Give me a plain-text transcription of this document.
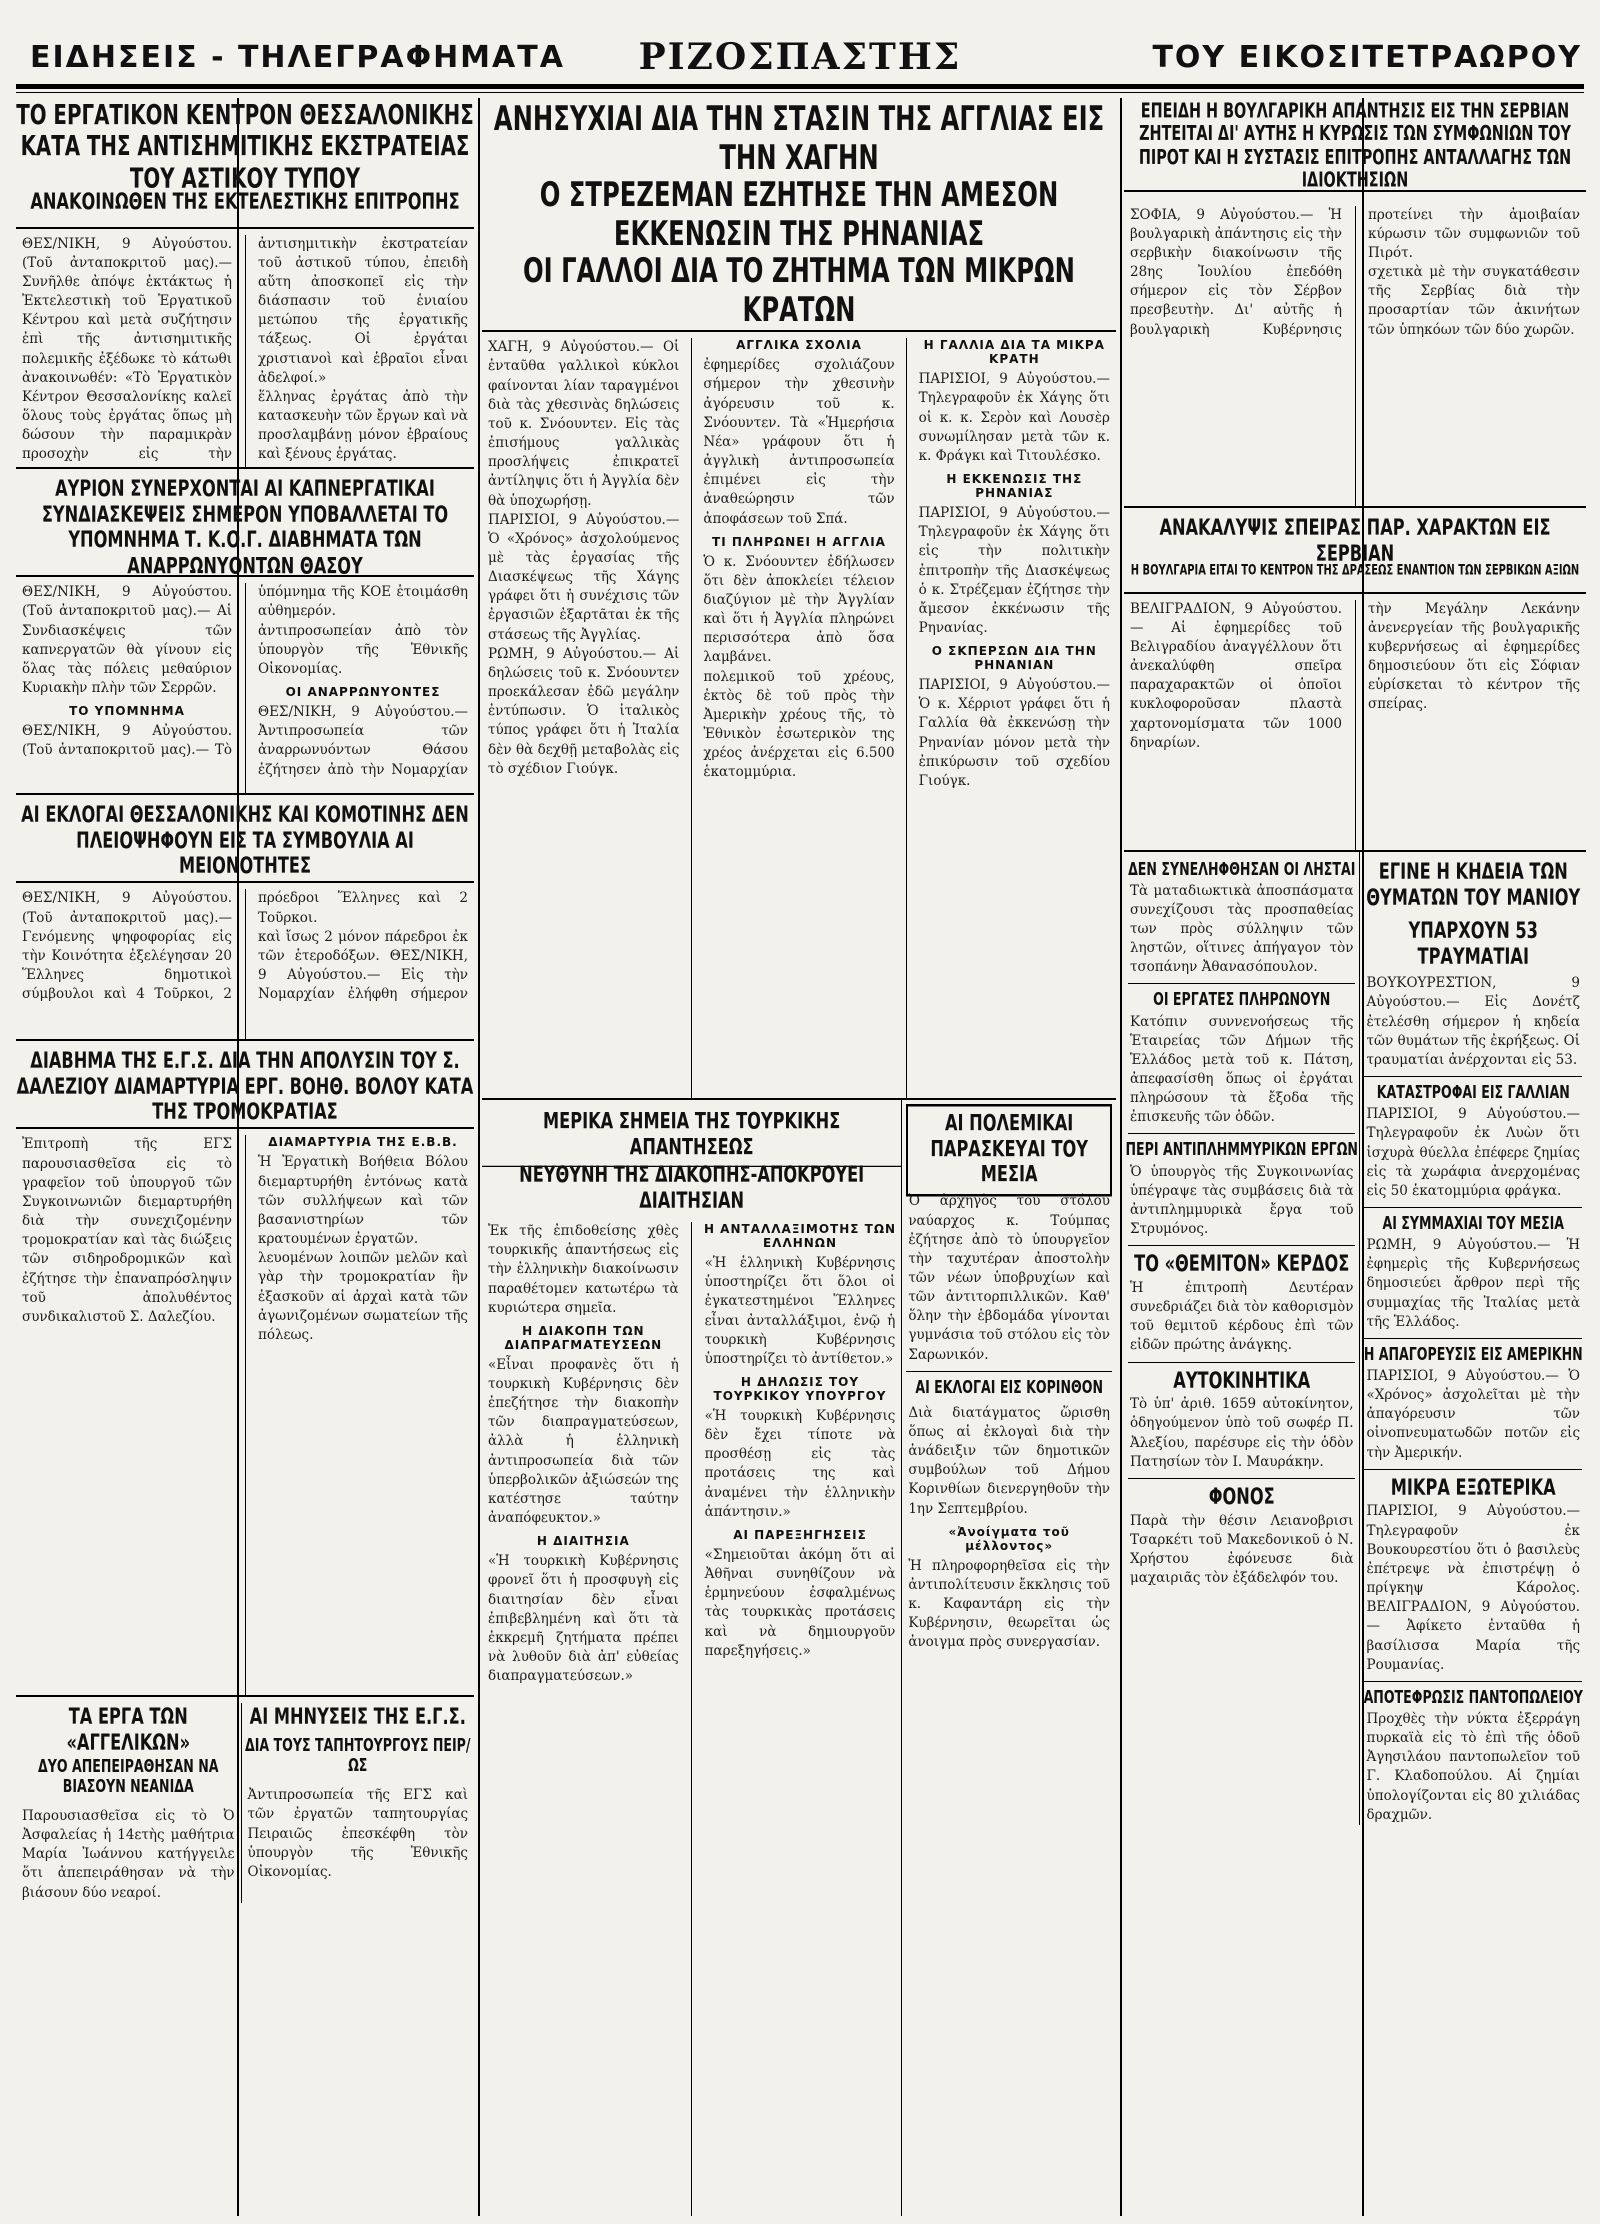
ΕΙΔΗΣΕΙΣ - ΤΗΛΕΓΡΑΦΗΜΑΤΑ	ΡΙΖΟΣΠΑΣΤΗΣ	ΤΟΥ ΕΙΚΟΣΙΤΕΤΡΑΩΡΟΥ
ΤΟ ΕΡΓΑΤΙΚΟΝ ΚΕΝΤΡΟΝ ΘΕΣΣΑΛΟΝΙΚΗΣ ΚΑΤΑ ΤΗΣ ΑΝΤΙΣΗΜΙΤΙΚΗΣ ΕΚΣΤΡΑΤΕΙΑΣ ΤΟΥ ΑΣΤΙΚΟΥ ΤΥΠΟΥ
ΑΝΑΚΟΙΝΩΘΕΝ ΤΗΣ ΕΚΤΕΛΕΣΤΙΚΗΣ ΕΠΙΤΡΟΠΗΣ

ΘΕΣ/ΝΙΚΗ, 9 Αὐγούστου. (Τοῦ ἀνταποκριτοῦ μας).— Συνῆλθε ἀπόψε ἐκτάκτως ἡ Ἐκτελεστικὴ τοῦ Ἐργατικοῦ Κέντρου καὶ μετὰ συζήτησιν ἐπὶ τῆς ἀντισημιτικῆς πολεμικῆς ἐξέδωκε τὸ κάτωθι ἀνακοινωθέν: «Τὸ Ἐργατικὸν Κέντρον Θεσσαλονίκης καλεῖ ὅλους τοὺς ἐργάτας ὅπως μὴ δώσουν τὴν παραμικρὰν προσοχὴν εἰς τὴν ἀντισημιτικὴν ἐκστρατείαν τοῦ ἀστικοῦ τύπου, ἐπειδὴ αὕτη ἀποσκοπεῖ εἰς τὴν διάσπασιν τοῦ ἑνιαίου μετώπου τῆς ἐργατικῆς τάξεως. Οἱ ἐργάται χριστιανοὶ καὶ ἑβραῖοι εἶναι ἀδελφοί.»

ἕλληνας ἐργάτας ἀπὸ τὴν κατασκευὴν τῶν ἔργων καὶ νὰ προσλαμβάνῃ μόνον ἑβραίους καὶ ξένους ἐργάτας.

ΑΥΡΙΟΝ ΣΥΝΕΡΧΟΝΤΑΙ ΑΙ ΚΑΠΝΕΡΓΑΤΙΚΑΙ ΣΥΝΔΙΑΣΚΕΨΕΙΣ ΣΗΜΕΡΟΝ ΥΠΟΒΑΛΛΕΤΑΙ ΤΟ ΥΠΟΜΝΗΜΑ Τ. Κ.Ο.Γ. ΔΙΑΒΗΜΑΤΑ ΤΩΝ ΑΝΑΡΡΩΝΥΟΝΤΩΝ ΘΑΣΟΥ

ΘΕΣ/ΝΙΚΗ, 9 Αὐγούστου. (Τοῦ ἀνταποκριτοῦ μας).— Αἱ Συνδιασκέψεις τῶν καπνεργατῶν θὰ γίνουν εἰς ὅλας τὰς πόλεις μεθαύριον Κυριακὴν πλὴν τῶν Σερρῶν.

ΤΟ ΥΠΟΜΝΗΜΑ

ΘΕΣ/ΝΙΚΗ, 9 Αὐγούστου. (Τοῦ ἀνταποκριτοῦ μας).— Τὸ ὑπόμνημα τῆς ΚΟΕ ἑτοιμάσθη αὐθημερόν.

ἀντιπροσωπείαν ἀπὸ τὸν ὑπουργὸν τῆς Ἐθνικῆς Οἰκονομίας.

ΟΙ ΑΝΑΡΡΩΝΥΟΝΤΕΣ

ΘΕΣ/ΝΙΚΗ, 9 Αὐγούστου.— Ἀντιπροσωπεία τῶν ἀναρρωνυόντων Θάσου ἐζήτησεν ἀπὸ τὴν Νομαρχίαν

ΑΙ ΕΚΛΟΓΑΙ ΘΕΣΣΑΛΟΝΙΚΗΣ ΚΑΙ ΚΟΜΟΤΙΝΗΣ ΔΕΝ ΠΛΕΙΟΨΗΦΟΥΝ ΕΙΣ ΤΑ ΣΥΜΒΟΥΛΙΑ ΑΙ ΜΕΙΟΝΟΤΗΤΕΣ

ΘΕΣ/ΝΙΚΗ, 9 Αὐγούστου. (Τοῦ ἀνταποκριτοῦ μας).— Γενόμενης ψηφοφορίας εἰς τὴν Κοινότητα ἐξελέγησαν 20 Ἕλληνες δημοτικοὶ σύμβουλοι καὶ 4 Τοῦρκοι, 2 πρόεδροι Ἕλληνες καὶ 2 Τοῦρκοι.

καὶ ἴσως 2 μόνον πάρεδροι ἐκ τῶν ἑτεροδόξων. ΘΕΣ/ΝΙΚΗ, 9 Αὐγούστου.— Εἰς τὴν Νομαρχίαν ἐλήφθη σήμερον

ΔΙΑΒΗΜΑ ΤΗΣ Ε.Γ.Σ. ΔΙΑ ΤΗΝ ΑΠΟΛΥΣΙΝ ΤΟΥ Σ. ΔΑΛΕΖΙΟΥ ΔΙΑΜΑΡΤΥΡΙΑ ΕΡΓ. ΒΟΗΘ. ΒΟΛΟΥ ΚΑΤΑ ΤΗΣ ΤΡΟΜΟΚΡΑΤΙΑΣ

Ἐπιτροπὴ τῆς ΕΓΣ παρουσιασθεῖσα εἰς τὸ γραφεῖον τοῦ ὑπουργοῦ τῶν Συγκοινωνιῶν διεμαρτυρήθη διὰ τὴν συνεχιζομένην τρομοκρατίαν καὶ τὰς διώξεις τῶν σιδηροδρομικῶν καὶ ἐζήτησε τὴν ἐπαναπρόσληψιν τοῦ ἀπολυθέντος συνδικαλιστοῦ Σ. Δαλεζίου.

ΔΙΑΜΑΡΤΥΡΙΑ ΤΗΣ Ε.Β.Β.

Ἡ Ἐργατικὴ Βοήθεια Βόλου διεμαρτυρήθη ἐντόνως κατὰ τῶν συλλήψεων καὶ τῶν βασανιστηρίων τῶν κρατουμένων ἐργατῶν.

λευομένων λοιπῶν μελῶν καὶ γὰρ τὴν τρομοκρατίαν ἣν ἐξασκοῦν αἱ ἀρχαὶ κατὰ τῶν ἀγωνιζομένων σωματείων τῆς πόλεως.

ΤΑ ΕΡΓΑ ΤΩΝ «ΑΓΓΕΛΙΚΩΝ»
ΔΥΟ ΑΠΕΠΕΙΡΑΘΗΣΑΝ ΝΑ ΒΙΑΣΟΥΝ ΝΕΑΝΙΔΑ

Παρουσιασθεῖσα εἰς τὸ Ὀ Ἀσφαλείας ἡ 14ετὴς μαθήτρια Μαρία Ἰωάννου κατήγγειλε ὅτι ἀπεπειράθησαν νὰ τὴν βιάσουν δύο νεαροί.

ΑΙ ΜΗΝΥΣΕΙΣ ΤΗΣ Ε.Γ.Σ.
ΔΙΑ ΤΟΥΣ ΤΑΠΗΤΟΥΡΓΟΥΣ ΠΕΙΡ/ΩΣ

Ἀντιπροσωπεία τῆς ΕΓΣ καὶ τῶν ἐργατῶν ταπητουργίας Πειραιῶς ἐπεσκέφθη τὸν ὑπουργὸν τῆς Ἐθνικῆς Οἰκονομίας.

ΑΝΗΣΥΧΙΑΙ ΔΙΑ ΤΗΝ ΣΤΑΣΙΝ ΤΗΣ ΑΓΓΛΙΑΣ ΕΙΣ ΤΗΝ ΧΑΓΗΝ
Ο ΣΤΡΕΖΕΜΑΝ ΕΖΗΤΗΣΕ ΤΗΝ ΑΜΕΣΟΝ ΕΚΚΕΝΩΣΙΝ ΤΗΣ ΡΗΝΑΝΙΑΣ
ΟΙ ΓΑΛΛΟΙ ΔΙΑ ΤΟ ΖΗΤΗΜΑ ΤΩΝ ΜΙΚΡΩΝ ΚΡΑΤΩΝ

ΧΑΓΗ, 9 Αὐγούστου.— Οἱ ἐνταῦθα γαλλικοὶ κύκλοι φαίνονται λίαν ταραγμένοι διὰ τὰς χθεσινὰς δηλώσεις τοῦ κ. Σνόουντεν. Εἰς τὰς ἐπισήμους γαλλικὰς προσλήψεις ἐπικρατεῖ ἀντίληψις ὅτι ἡ Ἀγγλία δὲν θὰ ὑποχωρήσῃ.

ΠΑΡΙΣΙΟΙ, 9 Αὐγούστου.— Ὁ «Χρόνος» ἀσχολούμενος μὲ τὰς ἐργασίας τῆς Διασκέψεως τῆς Χάγης γράφει ὅτι ἡ συνέχισις τῶν ἐργασιῶν ἐξαρτᾶται ἐκ τῆς στάσεως τῆς Ἀγγλίας.

ΡΩΜΗ, 9 Αὐγούστου.— Αἱ δηλώσεις τοῦ κ. Σνόουντεν προεκάλεσαν ἐδῶ μεγάλην ἐντύπωσιν. Ὁ ἰταλικὸς τύπος γράφει ὅτι ἡ Ἰταλία δὲν θὰ δεχθῇ μεταβολὰς εἰς τὸ σχέδιον Γιούγκ.

ΑΓΓΛΙΚΑ ΣΧΟΛΙΑ

ἐφημερίδες σχολιάζουν σήμερον τὴν χθεσινὴν ἀγόρευσιν τοῦ κ. Σνόουντεν. Τὰ «Ἡμερήσια Νέα» γράφουν ὅτι ἡ ἀγγλικὴ ἀντιπροσωπεία ἐπιμένει εἰς τὴν ἀναθεώρησιν τῶν ἀποφάσεων τοῦ Σπά.

ΤΙ ΠΛΗΡΩΝΕΙ Η ΑΓΓΛΙΑ

Ὁ κ. Σνόουντεν ἐδήλωσεν ὅτι δὲν ἀποκλείει τέλειον διαζύγιον μὲ τὴν Ἀγγλίαν καὶ ὅτι ἡ Ἀγγλία πληρώνει περισσότερα ἀπὸ ὅσα λαμβάνει.

πολεμικοῦ τοῦ χρέους, ἐκτὸς δὲ τοῦ πρὸς τὴν Ἀμερικὴν χρέους τῆς, τὸ Ἐθνικὸν ἐσωτερικὸν της χρέος ἀνέρχεται εἰς 6.500 ἑκατομμύρια.

Η ΓΑΛΛΙΑ ΔΙΑ ΤΑ ΜΙΚΡΑ ΚΡΑΤΗ

ΠΑΡΙΣΙΟΙ, 9 Αὐγούστου.— Τηλεγραφοῦν ἐκ Χάγης ὅτι οἱ κ. κ. Σερὸν καὶ Λουσὲρ συνωμίλησαν μετὰ τῶν κ. κ. Φράγκι καὶ Τιτουλέσκο.

Η ΕΚΚΕΝΩΣΙΣ ΤΗΣ ΡΗΝΑΝΙΑΣ

ΠΑΡΙΣΙΟΙ, 9 Αὐγούστου.— Τηλεγραφοῦν ἐκ Χάγης ὅτι εἰς τὴν πολιτικὴν ἐπιτροπὴν τῆς Διασκέψεως ὁ κ. Στρέζεμαν ἐζήτησε τὴν ἄμεσον ἐκκένωσιν τῆς Ρηνανίας.

Ο ΣΚΠΕΡΣΩΝ ΔΙΑ ΤΗΝ ΡΗΝΑΝΙΑΝ

ΠΑΡΙΣΙΟΙ, 9 Αὐγούστου.— Ὁ κ. Χέρριοτ γράφει ὅτι ἡ Γαλλία θὰ ἐκκενώσῃ τὴν Ρηνανίαν μόνον μετὰ τὴν ἐπικύρωσιν τοῦ σχεδίου Γιούγκ.

ΜΕΡΙΚΑ ΣΗΜΕΙΑ ΤΗΣ ΤΟΥΡΚΙΚΗΣ ΑΠΑΝΤΗΣΕΩΣ
ΝΕΥΘΥΝΗ ΤΗΣ ΔΙΑΚΟΠΗΣ-ΑΠΟΚΡΟΥΕΙ ΔΙΑΙΤΗΣΙΑΝ

Ἐκ τῆς ἐπιδοθείσης χθὲς τουρκικῆς ἀπαντήσεως εἰς τὴν ἑλληνικὴν διακοίνωσιν παραθέτομεν κατωτέρω τὰ κυριώτερα σημεῖα.

Η ΔΙΑΚΟΠΗ ΤΩΝ ΔΙΑΠΡΑΓΜΑΤΕΥΣΕΩΝ

«Εἶναι προφανὲς ὅτι ἡ τουρκικὴ Κυβέρνησις δὲν ἐπεζήτησε τὴν διακοπὴν τῶν διαπραγματεύσεων, ἀλλὰ ἡ ἑλληνικὴ ἀντιπροσωπεία διὰ τῶν ὑπερβολικῶν ἀξιώσεών της κατέστησε ταύτην ἀναπόφευκτον.»

Η ΔΙΑΙΤΗΣΙΑ

«Ἡ τουρκικὴ Κυβέρνησις φρονεῖ ὅτι ἡ προσφυγὴ εἰς διαιτησίαν δὲν εἶναι ἐπιβεβλημένη καὶ ὅτι τὰ ἐκκρεμῆ ζητήματα πρέπει νὰ λυθοῦν διὰ ἀπ' εὐθείας διαπραγματεύσεων.»

Η ΑΝΤΑΛΛΑΞΙΜΟΤΗΣ ΤΩΝ ΕΛΛΗΝΩΝ

«Ἡ ἑλληνικὴ Κυβέρνησις ὑποστηρίζει ὅτι ὅλοι οἱ ἐγκατεστημένοι Ἕλληνες εἶναι ἀνταλλάξιμοι, ἐνῷ ἡ τουρκικὴ Κυβέρνησις ὑποστηρίζει τὸ ἀντίθετον.»

Η ΔΗΛΩΣΙΣ ΤΟΥ ΤΟΥΡΚΙΚΟΥ ΥΠΟΥΡΓΟΥ

«Ἡ τουρκικὴ Κυβέρνησις δὲν ἔχει τίποτε νὰ προσθέσῃ εἰς τὰς προτάσεις της καὶ ἀναμένει τὴν ἑλληνικὴν ἀπάντησιν.»

ΑΙ ΠΑΡΕΞΗΓΗΣΕΙΣ

«Σημειοῦται ἀκόμη ὅτι αἱ Ἀθῆναι συνηθίζουν νὰ ἑρμηνεύουν ἐσφαλμένως τὰς τουρκικὰς προτάσεις καὶ νὰ δημιουργοῦν παρεξηγήσεις.»

ΑΙ ΠΟΛΕΜΙΚΑΙ ΠΑΡΑΣΚΕΥΑΙ ΤΟΥ ΜΕΣΙΑ

Ὁ ἀρχηγὸς τοῦ στόλου ναύαρχος κ. Τούμπας ἐζήτησε ἀπὸ τὸ ὑπουργεῖον τὴν ταχυτέραν ἀποστολὴν τῶν νέων ὑποβρυχίων καὶ τῶν ἀντιτορπιλλικῶν. Καθ' ὅλην τὴν ἑβδομάδα γίνονται γυμνάσια τοῦ στόλου εἰς τὸν Σαρωνικόν.

ΑΙ ΕΚΛΟΓΑΙ ΕΙΣ ΚΟΡΙΝΘΟΝ

Διὰ διατάγματος ὥρισθη ὅπως αἱ ἐκλογαὶ διὰ τὴν ἀνάδειξιν τῶν δημοτικῶν συμβούλων τοῦ Δήμου Κορινθίων διενεργηθοῦν τὴν 1ην Σεπτεμβρίου.

«Ἀνοίγματα τοῦ μέλλοντος»

Ἡ πληροφορηθεῖσα εἰς τὴν ἀντιπολίτευσιν ἔκκλησις τοῦ κ. Καφαντάρη εἰς τὴν Κυβέρνησιν, θεωρεῖται ὡς ἀνοιγμα πρὸς συνεργασίαν.

ΕΠΕΙΔΗ Η ΒΟΥΛΓΑΡΙΚΗ ΑΠΑΝΤΗΣΙΣ ΕΙΣ ΤΗΝ ΣΕΡΒΙΑΝ ΖΗΤΕΙΤΑΙ ΔΙ' ΑΥΤΗΣ Η ΚΥΡΩΣΙΣ ΤΩΝ ΣΥΜΦΩΝΙΩΝ ΤΟΥ ΠΙΡΟΤ ΚΑΙ Η ΣΥΣΤΑΣΙΣ ΕΠΙΤΡΟΠΗΣ ΑΝΤΑΛΛΑΓΗΣ ΤΩΝ ΙΔΙΟΚΤΗΣΙΩΝ

ΣΟΦΙΑ, 9 Αὐγούστου.— Ἡ βουλγαρικὴ ἀπάντησις εἰς τὴν σερβικὴν διακοίνωσιν τῆς 28ης Ἰουλίου ἐπεδόθη σήμερον εἰς τὸν Σέρβον πρεσβευτὴν. Δι' αὐτῆς ἡ βουλγαρικὴ Κυβέρνησις προτείνει τὴν ἀμοιβαίαν κύρωσιν τῶν συμφωνιῶν τοῦ Πιρότ.

σχετικὰ μὲ τὴν συγκατάθεσιν τῆς Σερβίας διὰ τὴν προσαρτίαν τῶν ἀκινήτων τῶν ὑπηκόων τῶν δύο χωρῶν.

ΑΝΑΚΑΛΥΨΙΣ ΣΠΕΙΡΑΣ ΠΑΡ. ΧΑΡΑΚΤΩΝ ΕΙΣ ΣΕΡΒΙΑΝ
Η ΒΟΥΛΓΑΡΙΑ ΕΙΤΑΙ ΤΟ ΚΕΝΤΡΟΝ ΤΗΣ ΔΡΑΣΕΩΣ ΕΝΑΝΤΙΟΝ ΤΩΝ ΣΕΡΒΙΚΩΝ ΑΞΙΩΝ

ΒΕΛΙΓΡΑΔΙΟΝ, 9 Αὐγούστου.— Αἱ ἐφημερίδες τοῦ Βελιγραδίου ἀναγγέλλουν ὅτι ἀνεκαλύφθη σπεῖρα παραχαρακτῶν οἱ ὁποῖοι κυκλοφοροῦσαν πλαστὰ χαρτονομίσματα τῶν 1000 δηναρίων.

τὴν Μεγάλην Λεκάνην ἀνενεργείαν τῆς βουλγαρικῆς κυβερνήσεως αἱ ἐφημερίδες δημοσιεύουν ὅτι εἰς Σόφιαν εὑρίσκεται τὸ κέντρον τῆς σπείρας.

ΔΕΝ ΣΥΝΕΛΗΦΘΗΣΑΝ ΟΙ ΛΗΣΤΑΙ

Τὰ ματαδιωκτικὰ ἀποσπάσματα συνεχίζουσι τὰς προσπαθείας των πρὸς σύλληψιν τῶν ληστῶν, οἵτινες ἀπήγαγον τὸν τσοπάνην Ἀθανασόπουλον.

ΟΙ ΕΡΓΑΤΕΣ ΠΛΗΡΩΝΟΥΝ

Κατόπιν συννενοήσεως τῆς Ἑταιρείας τῶν Δήμων τῆς Ἑλλάδος μετὰ τοῦ κ. Πάτση, ἀπεφασίσθη ὅπως οἱ ἐργάται πληρώσουν τὰ ἔξοδα τῆς ἐπισκευῆς τῶν ὁδῶν.

ΠΕΡΙ ΑΝΤΙΠΛΗΜΜΥΡΙΚΩΝ ΕΡΓΩΝ

Ὁ ὑπουργὸς τῆς Συγκοινωνίας ὑπέγραψε τὰς συμβάσεις διὰ τὰ ἀντιπλημμυρικὰ ἔργα τοῦ Στρυμόνος.

ΤΟ «ΘΕΜΙΤΟΝ» ΚΕΡΔΟΣ

Ἡ ἐπιτροπὴ Δευτέραν συνεδριάζει διὰ τὸν καθορισμὸν τοῦ θεμιτοῦ κέρδους ἐπὶ τῶν εἰδῶν πρώτης ἀνάγκης.

ΑΥΤΟΚΙΝΗΤΙΚΑ

Τὸ ὑπ' ἀριθ. 1659 αὐτοκίνητον, ὁδηγούμενον ὑπὸ τοῦ σωφέρ Π. Ἀλεξίου, παρέσυρε εἰς τὴν ὁδὸν Πατησίων τὸν Ι. Μαυράκην.

ΦΟΝΟΣ

Παρὰ τὴν θέσιν Λειανοβρισι Τσαρκέτι τοῦ Μακεδονικοῦ ὁ Ν. Χρήστου ἐφόνευσε διὰ μαχαιριᾶς τὸν ἐξάδελφόν του.

ΕΓΙΝΕ Η ΚΗΔΕΙΑ ΤΩΝ ΘΥΜΑΤΩΝ ΤΟΥ ΜΑΝΙΟΥ
ΥΠΑΡΧΟΥΝ 53 ΤΡΑΥΜΑΤΙΑΙ

ΒΟΥΚΟΥΡΕΣΤΙΟΝ, 9 Αὐγούστου.— Εἰς Δονέτζ ἐτελέσθη σήμερον ἡ κηδεία τῶν θυμάτων τῆς ἐκρήξεως. Οἱ τραυματίαι ἀνέρχονται εἰς 53.

ΚΑΤΑΣΤΡΟΦΑΙ ΕΙΣ ΓΑΛΛΙΑΝ

ΠΑΡΙΣΙΟΙ, 9 Αὐγούστου.— Τηλεγραφοῦν ἐκ Λυὼν ὅτι ἰσχυρὰ θύελλα ἐπέφερε ζημίας εἰς τὰ χωράφια ἀνερχομένας εἰς 50 ἑκατομμύρια φράγκα.

ΑΙ ΣΥΜΜΑΧΙΑΙ ΤΟΥ ΜΕΣΙΑ

ΡΩΜΗ, 9 Αὐγούστου.— Ἡ ἐφημερὶς τῆς Κυβερνήσεως δημοσιεύει ἄρθρον περὶ τῆς συμμαχίας τῆς Ἰταλίας μετὰ τῆς Ἑλλάδος.

Η ΑΠΑΓΟΡΕΥΣΙΣ ΕΙΣ ΑΜΕΡΙΚΗΝ

ΠΑΡΙΣΙΟΙ, 9 Αὐγούστου.— Ὁ «Χρόνος» ἀσχολεῖται μὲ τὴν ἀπαγόρευσιν τῶν οἰνοπνευματωδῶν ποτῶν εἰς τὴν Ἀμερικήν.

ΜΙΚΡΑ ΕΞΩΤΕΡΙΚΑ

ΠΑΡΙΣΙΟΙ, 9 Αὐγούστου.— Τηλεγραφοῦν ἐκ Βουκουρεστίου ὅτι ὁ βασιλεὺς ἐπέτρεψε νὰ ἐπιστρέψῃ ὁ πρίγκηψ Κάρολος. ΒΕΛΙΓΡΑΔΙΟΝ, 9 Αὐγούστου.— Ἀφίκετο ἐνταῦθα ἡ βασίλισσα Μαρία τῆς Ρουμανίας.

ΑΠΟΤΕΦΡΩΣΙΣ ΠΑΝΤΟΠΩΛΕΙΟΥ

Προχθὲς τὴν νύκτα ἐξερράγη πυρκαϊὰ εἰς τὸ ἐπὶ τῆς ὁδοῦ Ἀγησιλάου παντοπωλεῖον τοῦ Γ. Κλαδοπούλου. Αἱ ζημίαι ὑπολογίζονται εἰς 80 χιλιάδας δραχμῶν.
